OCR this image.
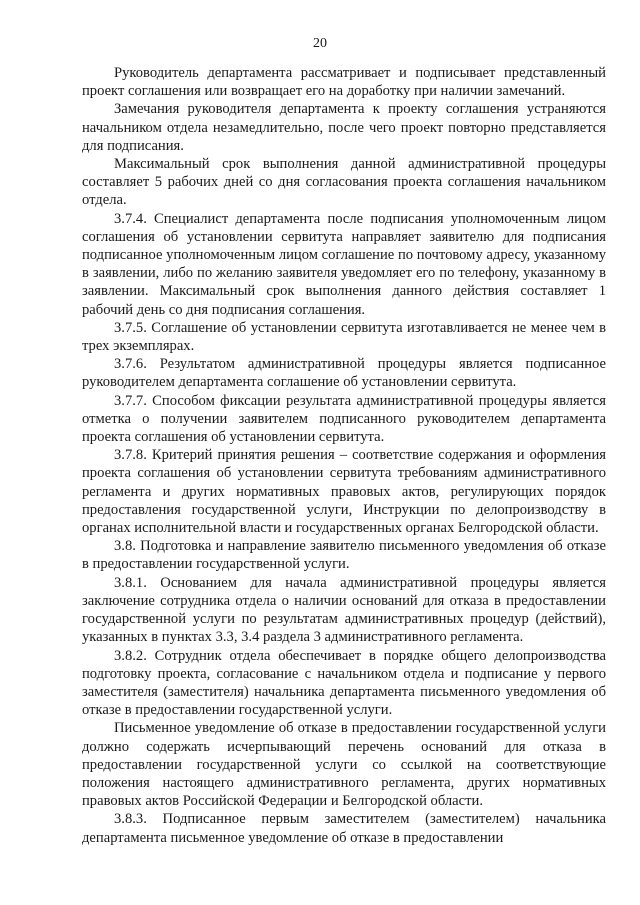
20

Руководитель департамента рассматривает и подписывает представленный проект соглашения или возвращает его на доработку при наличии замечаний.

Замечания руководителя департамента к проекту соглашения устраняются начальником отдела незамедлительно, после чего проект повторно представляется для подписания.

Максимальный срок выполнения данной административной процедуры составляет 5 рабочих дней со дня согласования проекта соглашения начальником отдела.

3.7.4. Специалист департамента после подписания уполномоченным лицом соглашения об установлении сервитута направляет заявителю для подписания подписанное уполномоченным лицом соглашение по почтовому адресу, указанному в заявлении, либо по желанию заявителя уведомляет его по телефону, указанному в заявлении. Максимальный срок выполнения данного действия составляет 1 рабочий день со дня подписания соглашения.

3.7.5. Соглашение об установлении сервитута изготавливается не менее чем в трех экземплярах.

3.7.6. Результатом административной процедуры является подписанное руководителем департамента соглашение об установлении сервитута.

3.7.7. Способом фиксации результата административной процедуры является отметка о получении заявителем подписанного руководителем департамента проекта соглашения об установлении сервитута.

3.7.8. Критерий принятия решения – соответствие содержания и оформления проекта соглашения об установлении сервитута требованиям административного регламента и других нормативных правовых актов, регулирующих порядок предоставления государственной услуги, Инструкции по делопроизводству в органах исполнительной власти и государственных органах Белгородской области.

3.8. Подготовка и направление заявителю письменного уведомления об отказе в предоставлении государственной услуги.

3.8.1. Основанием для начала административной процедуры является заключение сотрудника отдела о наличии оснований для отказа в предоставлении государственной услуги по результатам административных процедур (действий), указанных в пунктах 3.3, 3.4 раздела 3 административного регламента.

3.8.2. Сотрудник отдела обеспечивает в порядке общего делопроизводства подготовку проекта, согласование с начальником отдела и подписание у первого заместителя (заместителя) начальника департамента письменного уведомления об отказе в предоставлении государственной услуги.

Письменное уведомление об отказе в предоставлении государственной услуги должно содержать исчерпывающий перечень оснований для отказа в предоставлении государственной услуги со ссылкой на соответствующие положения настоящего административного регламента, других нормативных правовых актов Российской Федерации и Белгородской области.

3.8.3. Подписанное первым заместителем (заместителем) начальника департамента письменное уведомление об отказе в предоставлении
